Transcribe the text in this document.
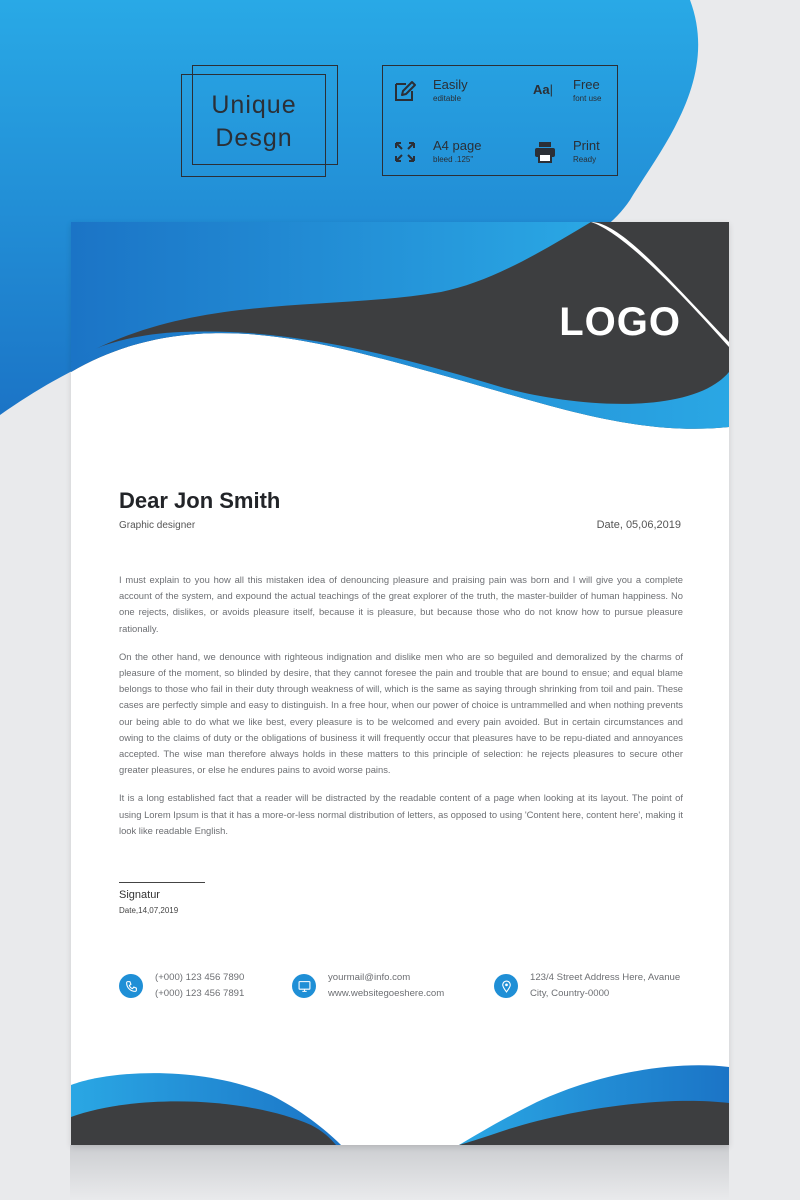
Unique
Desgn
Easily
editable
Aa|	Free
font use
A4 page
bleed .125"
Print
Ready
LOGO
Dear Jon Smith
Graphic designer	Date, 05,06,2019

I must explain to you how all this mistaken idea of denouncing pleasure and praising pain was born and I will give you a complete account of the system, and expound the actual teachings of the great explorer of the truth, the master-builder of human happiness. No one rejects, dislikes, or avoids pleasure itself, because it is pleasure, but because those who do not know how to pursue pleasure rationally.

On the other hand, we denounce with righteous indignation and dislike men who are so beguiled and demoralized by the charms of pleasure of the moment, so blinded by desire, that they cannot foresee the pain and trouble that are bound to ensue; and equal blame belongs to those who fail in their duty through weakness of will, which is the same as saying through shrinking from toil and pain. These cases are perfectly simple and easy to distinguish. In a free hour, when our power of choice is untrammelled and when nothing prevents our being able to do what we like best, every pleasure is to be welcomed and every pain avoided. But in certain circumstances and owing to the claims of duty or the obligations of business it will frequently occur that pleasures have to be repu-diated and annoyances accepted. The wise man therefore always holds in these matters to this principle of selection: he rejects pleasures to secure other greater pleasures, or else he endures pains to avoid worse pains.

It is a long established fact that a reader will be distracted by the readable content of a page when looking at its layout. The point of using Lorem Ipsum is that it has a more-or-less normal distribution of letters, as opposed to using 'Content here, content here', making it look like readable English.

Signatur
Date,14,07,2019
(+000) 123 456 7890
(+000) 123 456 7891
yourmail@info.com
www.websitegoeshere.com
123/4 Street Address Here, Avanue
City, Country-0000
